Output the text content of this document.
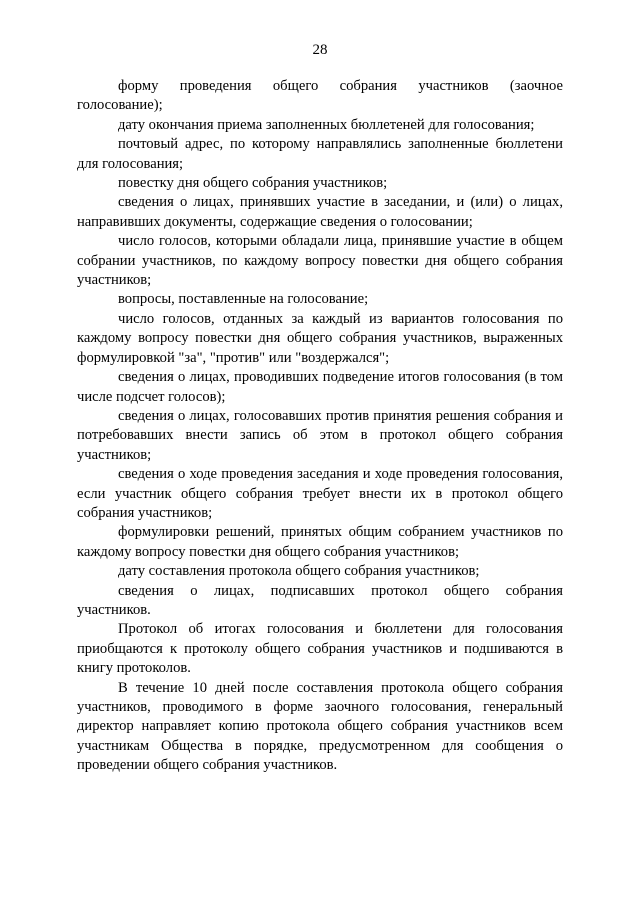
28

форму проведения общего собрания участников (заочное голосование);

дату окончания приема заполненных бюллетеней для голосования;

почтовый адрес, по которому направлялись заполненные бюллетени для голосования;

повестку дня общего собрания участников;

сведения о лицах, принявших участие в заседании, и (или) о лицах, направивших документы, содержащие сведения о голосовании;

число голосов, которыми обладали лица, принявшие участие в общем собрании участников, по каждому вопросу повестки дня общего собрания участников;

вопросы, поставленные на голосование;

число голосов, отданных за каждый из вариантов голосования по каждому вопросу повестки дня общего собрания участников, выраженных формулировкой "за", "против" или "воздержался";

сведения о лицах, проводивших подведение итогов голосования (в том числе подсчет голосов);

сведения о лицах, голосовавших против принятия решения собрания и потребовавших внести запись об этом в протокол общего собрания участников;

сведения о ходе проведения заседания и ходе проведения голосования, если участник общего собрания требует внести их в протокол общего собрания участников;

формулировки решений, принятых общим собранием участников по каждому вопросу повестки дня общего собрания участников;

дату составления протокола общего собрания участников;

сведения о лицах, подписавших протокол общего собрания участников.

Протокол об итогах голосования и бюллетени для голосования приобщаются к протоколу общего собрания участников и подшиваются в книгу протоколов.

В течение 10 дней после составления протокола общего собрания участников, проводимого в форме заочного голосования, генеральный директор направляет копию протокола общего собрания участников всем участникам Общества в порядке, предусмотренном для сообщения о проведении общего собрания участников.
